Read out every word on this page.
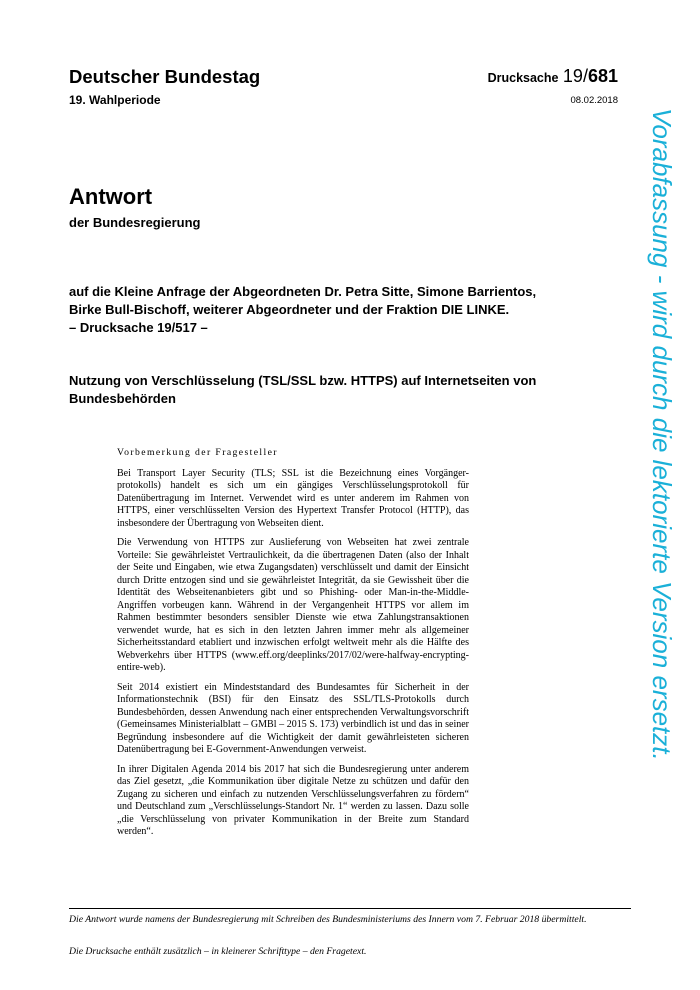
Deutscher Bundestag
19. Wahlperiode
Drucksache 19/681
08.02.2018
Antwort
der Bundesregierung
auf die Kleine Anfrage der Abgeordneten Dr. Petra Sitte, Simone Barrientos,
Birke Bull-Bischoff, weiterer Abgeordneter und der Fraktion DIE LINKE.
– Drucksache 19/517 –
Nutzung von Verschlüsselung (TSL/SSL bzw. HTTPS) auf Internetseiten von
Bundesbehörden
Vorbemerkung der Fragesteller

Bei Transport Layer Security (TLS; SSL ist die Bezeichnung eines Vorgänger-protokolls) handelt es sich um ein gängiges Verschlüsselungsprotokoll für Datenübertragung im Internet. Verwendet wird es unter anderem im Rahmen von HTTPS, einer verschlüsselten Version des Hypertext Transfer Protocol (HTTP), das insbesondere der Übertragung von Webseiten dient.

Die Verwendung von HTTPS zur Auslieferung von Webseiten hat zwei zentrale Vorteile: Sie gewährleistet Vertraulichkeit, da die übertragenen Daten (also der Inhalt der Seite und Eingaben, wie etwa Zugangsdaten) verschlüsselt und damit der Einsicht durch Dritte entzogen sind und sie gewährleistet Integrität, da sie Gewissheit über die Identität des Webseitenanbieters gibt und so Phishing- oder Man-in-the-Middle-Angriffen vorbeugen kann. Während in der Vergangenheit HTTPS vor allem im Rahmen bestimmter besonders sensibler Dienste wie etwa Zahlungstransaktionen verwendet wurde, hat es sich in den letzten Jahren immer mehr als allgemeiner Sicherheitsstandard etabliert und inzwischen erfolgt weltweit mehr als die Hälfte des Webverkehrs über HTTPS (www.eff.org/deeplinks/2017/02/were-halfway-encrypting-entire-web).

Seit 2014 existiert ein Mindeststandard des Bundesamtes für Sicherheit in der Informationstechnik (BSI) für den Einsatz des SSL/TLS-Protokolls durch Bundesbehörden, dessen Anwendung nach einer entsprechenden Verwaltungsvorschrift (Gemeinsames Ministerialblatt – GMBl – 2015 S. 173) verbindlich ist und das in seiner Begründung insbesondere auf die Wichtigkeit der damit gewährleisteten sicheren Datenübertragung bei E-Government-Anwendungen verweist.

In ihrer Digitalen Agenda 2014 bis 2017 hat sich die Bundesregierung unter anderem das Ziel gesetzt, „die Kommunikation über digitale Netze zu schützen und dafür den Zugang zu sicheren und einfach zu nutzenden Verschlüsselungsverfahren zu fördern“ und Deutschland zum „Verschlüsselungs-Standort Nr. 1“ werden zu lassen. Dazu solle „die Verschlüsselung von privater Kommunikation in der Breite zum Standard werden“.

Die Antwort wurde namens der Bundesregierung mit Schreiben des Bundesministeriums des Innern vom 7. Februar 2018 übermittelt.
Die Drucksache enthält zusätzlich – in kleinerer Schrifttype – den Fragetext.
Vorabfassung - wird durch die lektorierte Version ersetzt.
